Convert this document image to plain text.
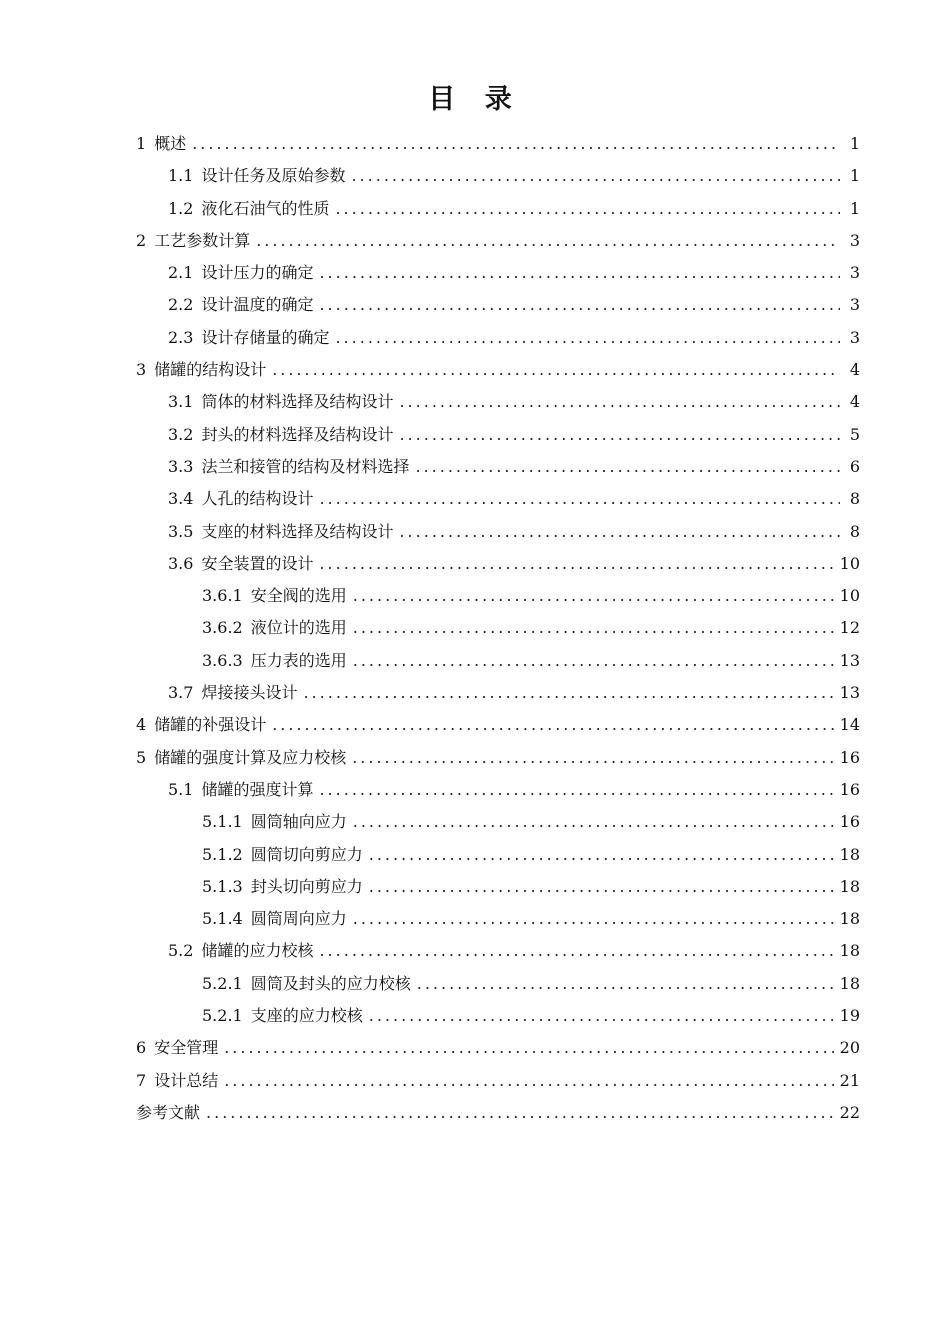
目 录
1 概述 .....	1
1.1 设计任务及原始参数 .....	1
1.2 液化石油气的性质 .....	1
2 工艺参数计算 .....	3
2.1 设计压力的确定 .....	3
2.2 设计温度的确定 .....	3
2.3 设计存储量的确定 .....	3
3 储罐的结构设计 .....	4
3.1 筒体的材料选择及结构设计 .....	4
3.2 封头的材料选择及结构设计 .....	5
3.3 法兰和接管的结构及材料选择 .....	6
3.4 人孔的结构设计 .....	8
3.5 支座的材料选择及结构设计 .....	8
3.6 安全装置的设计 .....	10
3.6.1 安全阀的选用 .....	10
3.6.2 液位计的选用 .....	12
3.6.3 压力表的选用 .....	13
3.7 焊接接头设计 .....	13
4 储罐的补强设计 .....	14
5 储罐的强度计算及应力校核 .....	16
5.1 储罐的强度计算 .....	16
5.1.1 圆筒轴向应力 .....	16
5.1.2 圆筒切向剪应力 .....	18
5.1.3 封头切向剪应力 .....	18
5.1.4 圆筒周向应力 .....	18
5.2 储罐的应力校核 .....	18
5.2.1 圆筒及封头的应力校核 .....	18
5.2.1 支座的应力校核 .....	19
6 安全管理 .....	20
7 设计总结 .....	21
参考文献 .....	22
